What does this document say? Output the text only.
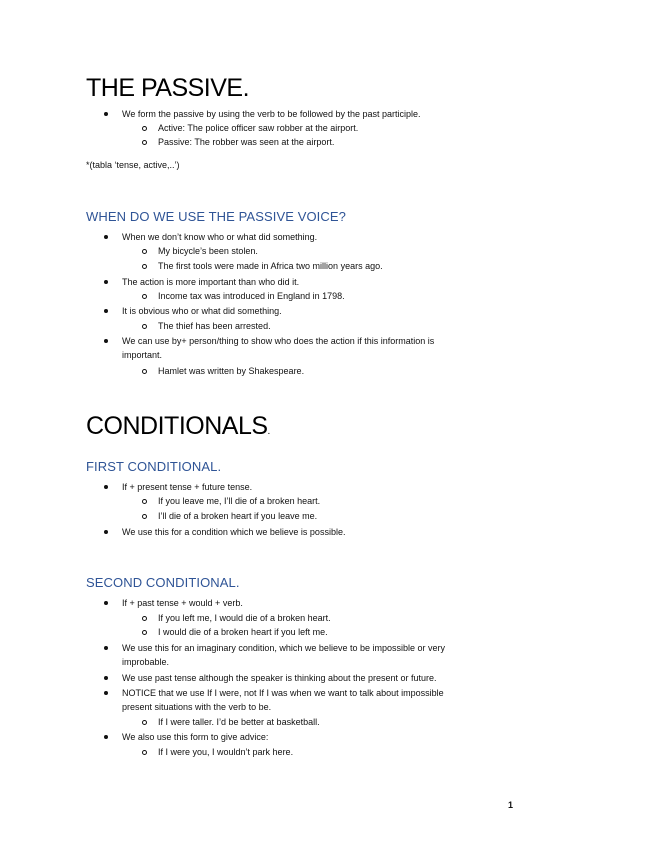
THE PASSIVE.
We form the passive by using the verb to be followed by the past participle.
Active: The police officer saw robber at the airport.
Passive: The robber was seen at the airport.
*(tabla ‘tense, active,..’)
WHEN DO WE USE THE PASSIVE VOICE?
When we don’t know who or what did something.
My bicycle’s been stolen.
The first tools were made in Africa two million years ago.
The action is more important than who did it.
Income tax was introduced in England in 1798.
It is obvious who or what did something.
The thief has been arrested.
We can use by+ person/thing to show who does the action if this information is
important.
Hamlet was written by Shakespeare.
CONDITIONALS.
FIRST CONDITIONAL.
If + present tense + future tense.
If you leave me, I’ll die of a broken heart.
I’ll die of a broken heart if you leave me.
We use this for a condition which we believe is possible.
SECOND CONDITIONAL.
If + past tense + would + verb.
If you left me, I would die of a broken heart.
I would die of a broken heart if you left me.
We use this for an imaginary condition, which we believe to be impossible or very
improbable.
We use past tense although the speaker is thinking about the present or future.
NOTICE that we use If I were, not If I was when we want to talk about impossible
present situations with the verb to be.
If I were taller. I’d be better at basketball.
We also use this form to give advice:
If I were you, I wouldn’t park here.
1
